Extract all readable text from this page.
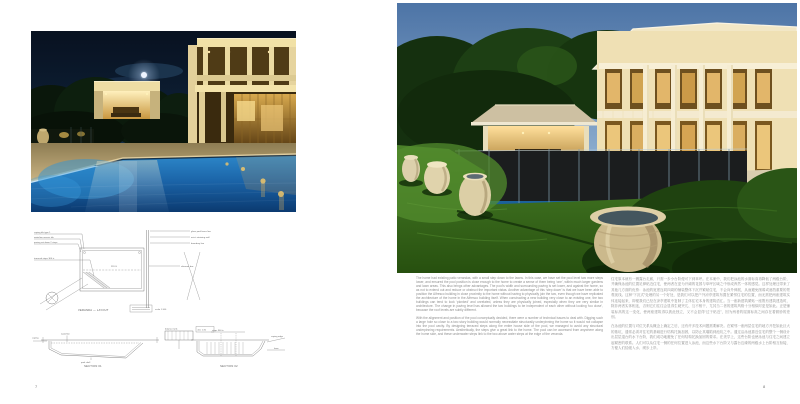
POOL
coping tile type 1
waterline mosaic tile
paving set down 2 steps
terraced steps 300 tr.
glass pool fence line
exist. retaining wall
boundary line
skimmer box
VERANDA — LAYOUT	scale 1:100
coping
waterline
pool shell
SECTION 01
balance tank	det. 1:20	steps 300 tr.
coping edge
lawn
SECTION 02
7

The home had existing patio verandas, with a small step down to the lawns. In this case, we have set the pool level two more steps lower, and ensured the pool position is close enough to the home to create a sense of them being ‘one’, within much larger gardens and lawn areas. This also brings other advantages. The pool’s width and surrounding paving is set lower, and against the home, so as not to extend out and reduce or obstruct the important vistas. Another advantage of this ‘step down’ is that we have been able to position the Alfresco building in close proximity to the home without having to physically join the two, even though we have replicated the architecture of the home in the Alfresco building itself. When constructing a new building very close to an existing one, the two buildings can tend to look ‘plonked’ and unrelated, unless they are physically joined, especially when they are very similar in architecture. The change in paving level has allowed the two buildings to be independent of each other without looking ‘too close’, because the roof levels are subtly different.

With the alignment and position of the pool conceptually decided, there were a number of technical issues to deal with. Digging such a large hole so close to a two story building would normally necessitate structurally underpinning the home so it would not collapse into the pool cavity. By designing terraced steps along the entire house side of the pool, we managed to avoid any structural underpinning requirements. Aesthetically, the steps give a great link to the home. The pool can be accessed from anywhere along the home side, and these underwater steps link to the two above water steps at the edge of the veranda.

住宅原本就有一圈露台走廊，只需一步小台阶便可下到草坪。在本案中，我们把泳池的水面标高再降低了两级台阶，并确保泳池的位置足够贴近住宅，使两者在更为开阔的花园与草坪区域之中形成浑然一体的感觉。这样处理还带来了其他几方面的优势：泳池的宽度连同四周的铺装整体下沉并紧贴住宅，不会向外伸展，从而避免削弱或遮挡重要的景观视线。这种“下沉式”处理的另一个好处，是我们可以把户外凉亭建筑布置在紧邻住宅的位置，而无需把两座建筑实体连接起来，即便我们已经在凉亭建筑中复制了主体住宅本身的建筑语汇。当一座新建筑紧贴一座既有建筑建造时，除非两者实体相连，否则它们往往会显得生硬突兀、互不相干，尤其当二者的建筑风格十分相似时更是如此。正是铺装标高的这一变化，使两座建筑得以彼此独立，又不会显得“过于贴近”，因为两者的屋面标高之间存在着微妙的差别。

在泳池的位置与对位关系从概念上确定之后，还有许多技术问题需要解决。在紧邻一座两层住宅的地方开挖如此巨大的基坑，通常必须对住宅的基础进行结构托换加固，以防止其塌陷到池坑之中。通过沿泳池靠近住宅的整个一侧设计出层层退台的水下台阶，我们成功地避免了任何结构托换加固的要求。在美学上，这些台阶也使泳池与住宅之间建立起紧密的联系。人们可以从住宅一侧的任何位置进入泳池，而这些水下台阶又与露台边缘的两级水上台阶相互衔接，方便人们拾级入水、缓步上岸。

8
